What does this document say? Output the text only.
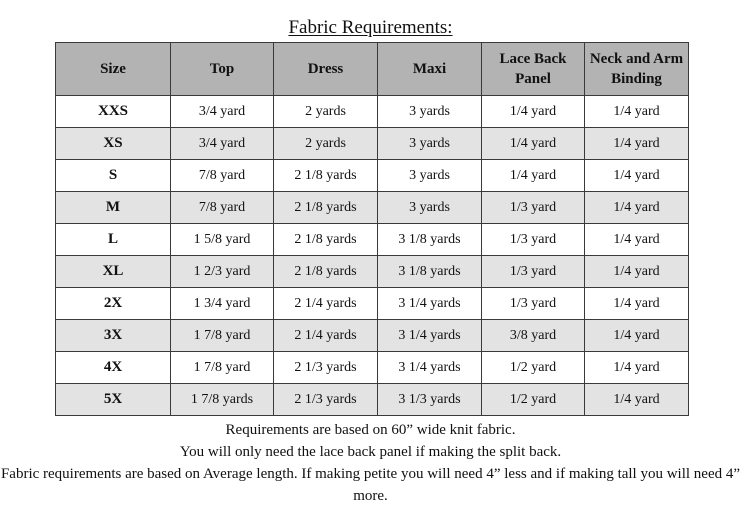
Fabric Requirements:
Size	Top	Dress	Maxi	Lace Back Panel	Neck and Arm Binding
XXS	3/4 yard	2 yards	3 yards	1/4 yard	1/4 yard
XS	3/4 yard	2 yards	3 yards	1/4 yard	1/4 yard
S	7/8 yard	2 1/8 yards	3 yards	1/4 yard	1/4 yard
M	7/8 yard	2 1/8 yards	3 yards	1/3 yard	1/4 yard
L	1 5/8 yard	2 1/8 yards	3 1/8 yards	1/3 yard	1/4 yard
XL	1 2/3 yard	2 1/8 yards	3 1/8 yards	1/3 yard	1/4 yard
2X	1 3/4 yard	2 1/4 yards	3 1/4 yards	1/3 yard	1/4 yard
3X	1 7/8 yard	2 1/4 yards	3 1/4 yards	3/8 yard	1/4 yard
4X	1 7/8 yard	2 1/3 yards	3 1/4 yards	1/2 yard	1/4 yard
5X	1 7/8 yards	2 1/3 yards	3 1/3 yards	1/2 yard	1/4 yard

Requirements are based on 60” wide knit fabric.

You will only need the lace back panel if making the split back.

Fabric requirements are based on Average length. If making petite you will need 4” less and if making tall you will need 4” more.
